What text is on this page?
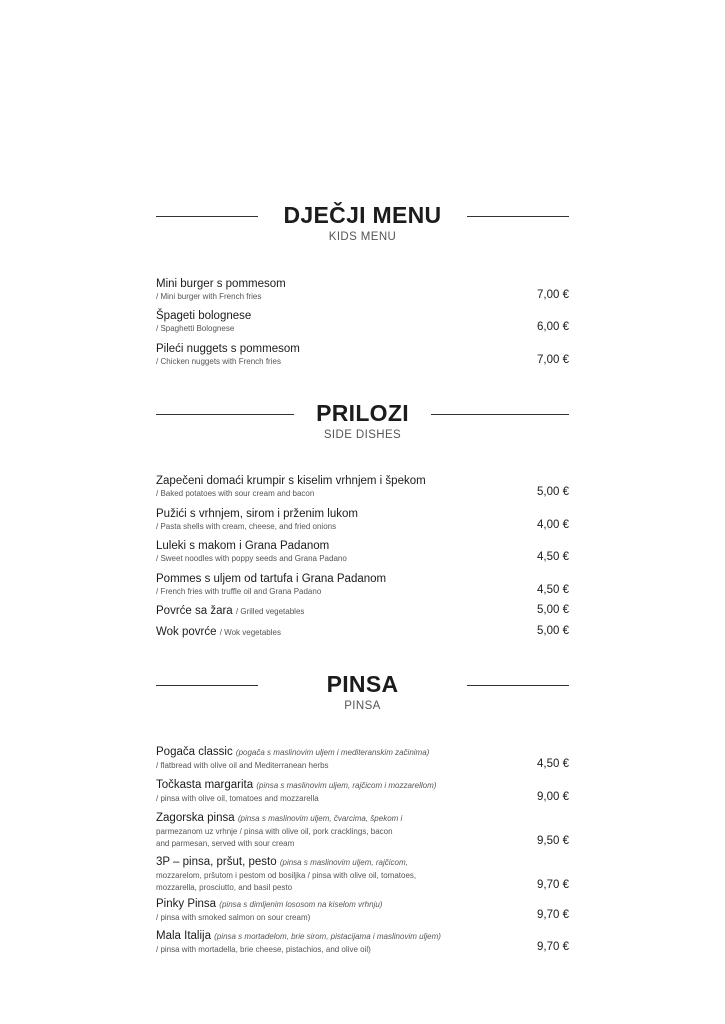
DJEČJI MENU
KIDS MENU
Mini burger s pommesom
/ Mini burger with French fries	7,00 €
Špageti bolognese
/ Spaghetti Bolognese	6,00 €
Pileći nuggets s pommesom
/ Chicken nuggets with French fries	7,00 €
PRILOZI
SIDE DISHES
Zapečeni domaći krumpir s kiselim vrhnjem i špekom
/ Baked potatoes with sour cream and bacon	5,00 €
Pužići s vrhnjem, sirom i prženim lukom
/ Pasta shells with cream, cheese, and fried onions	4,00 €
Luleki s makom i Grana Padanom
/ Sweet noodles with poppy seeds and Grana Padano	4,50 €
Pommes s uljem od tartufa i Grana Padanom
/ French fries with truffle oil and Grana Padano	4,50 €
Povrće sa žara / Grilled vegetables	5,00 €
Wok povrće / Wok vegetables	5,00 €
PINSA
PINSA
Pogača classic (pogača s maslinovim uljem i mediteranskim začinima)
/ flatbread with olive oil and Mediterranean herbs	4,50 €
Točkasta margarita (pinsa s maslinovim uljem, rajčicom i mozzarellom)
/ pinsa with olive oil, tomatoes and mozzarella	9,00 €
Zagorska pinsa (pinsa s maslinovim uljem, čvarcima, špekom i
parmezanom uz vrhnje / pinsa with olive oil, pork cracklings, bacon
and parmesan, served with sour cream	9,50 €
3P – pinsa, pršut, pesto (pinsa s maslinovim uljem, rajčicom,
mozzarelom, pršutom i pestom od bosiljka / pinsa with olive oil, tomatoes,
mozzarella, prosciutto, and basil pesto	9,70 €
Pinky Pinsa (pinsa s dimljenim lososom na kiselom vrhnju)
/ pinsa with smoked salmon on sour cream)	9,70 €
Mala Italija (pinsa s mortadelom, brie sirom, pistacijama i maslinovim uljem)
/ pinsa with mortadella, brie cheese, pistachios, and olive oil)	9,70 €
